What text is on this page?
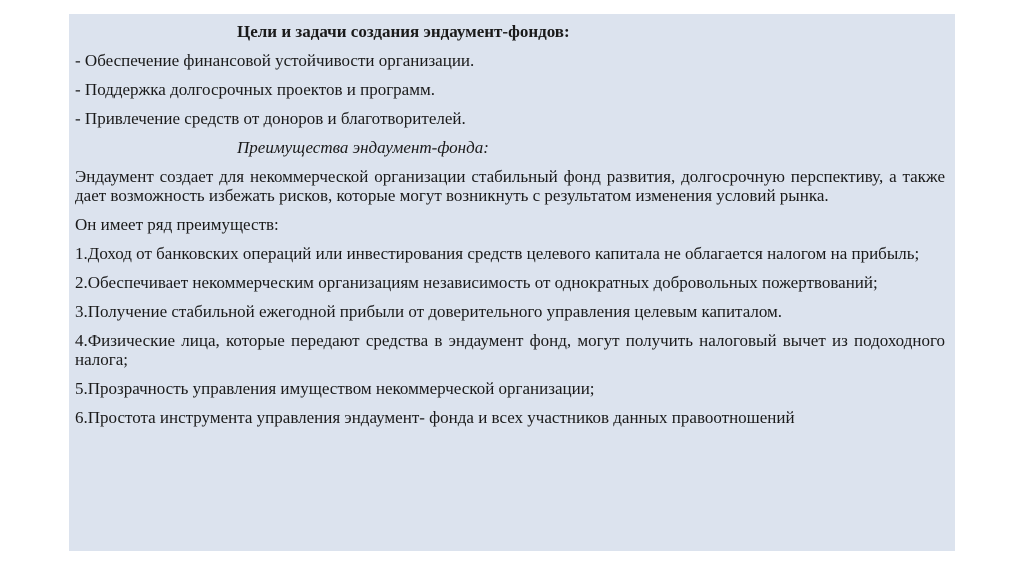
Цели и задачи создания эндаумент-фондов:
- Обеспечение финансовой устойчивости организации.
- Поддержка долгосрочных проектов и программ.
- Привлечение средств от доноров и благотворителей.
Преимущества эндаумент-фонда:
Эндаумент создает для некоммерческой организации стабильный фонд развития, долгосрочную перспективу, а также дает возможность избежать рисков, которые могут возникнуть с результатом изменения условий рынка.
Он имеет ряд преимуществ:
1.Доход от банковских операций или инвестирования средств целевого капитала не облагается налогом на прибыль;
2.Обеспечивает некоммерческим организациям независимость от однократных добровольных пожертвований;
3.Получение стабильной ежегодной прибыли от доверительного управления целевым капиталом.
4.Физические лица, которые передают средства в эндаумент фонд, могут получить налоговый вычет из подоходного налога;
5.Прозрачность управления имуществом некоммерческой организации;
6.Простота инструмента управления эндаумент- фонда и всех участников данных правоотношений
